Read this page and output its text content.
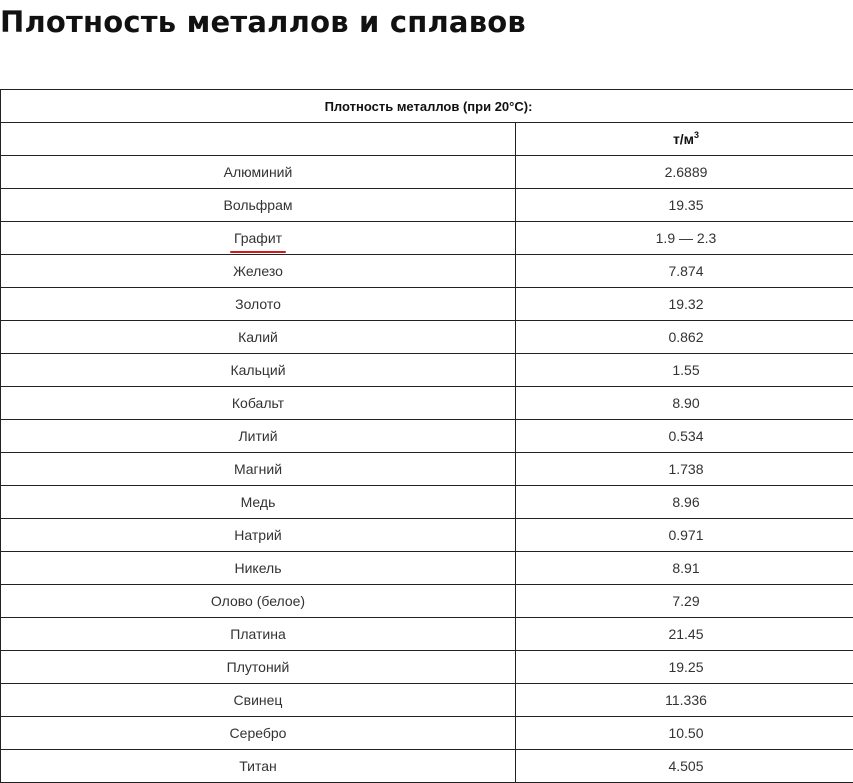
Плотность металлов и сплавов
Плотность металлов (при 20°C):	
	$т/м^3$
Алюминий	2.6889
Вольфрам	19.35
Графит	1.9 — 2.3
Железо	7.874
Золото	19.32
Калий	0.862
Кальций	1.55
Кобальт	8.90
Литий	0.534
Магний	1.738
Медь	8.96
Натрий	0.971
Никель	8.91
Олово (белое)	7.29
Платина	21.45
Плутоний	19.25
Свинец	11.336
Серебро	10.50
Титан	4.505
